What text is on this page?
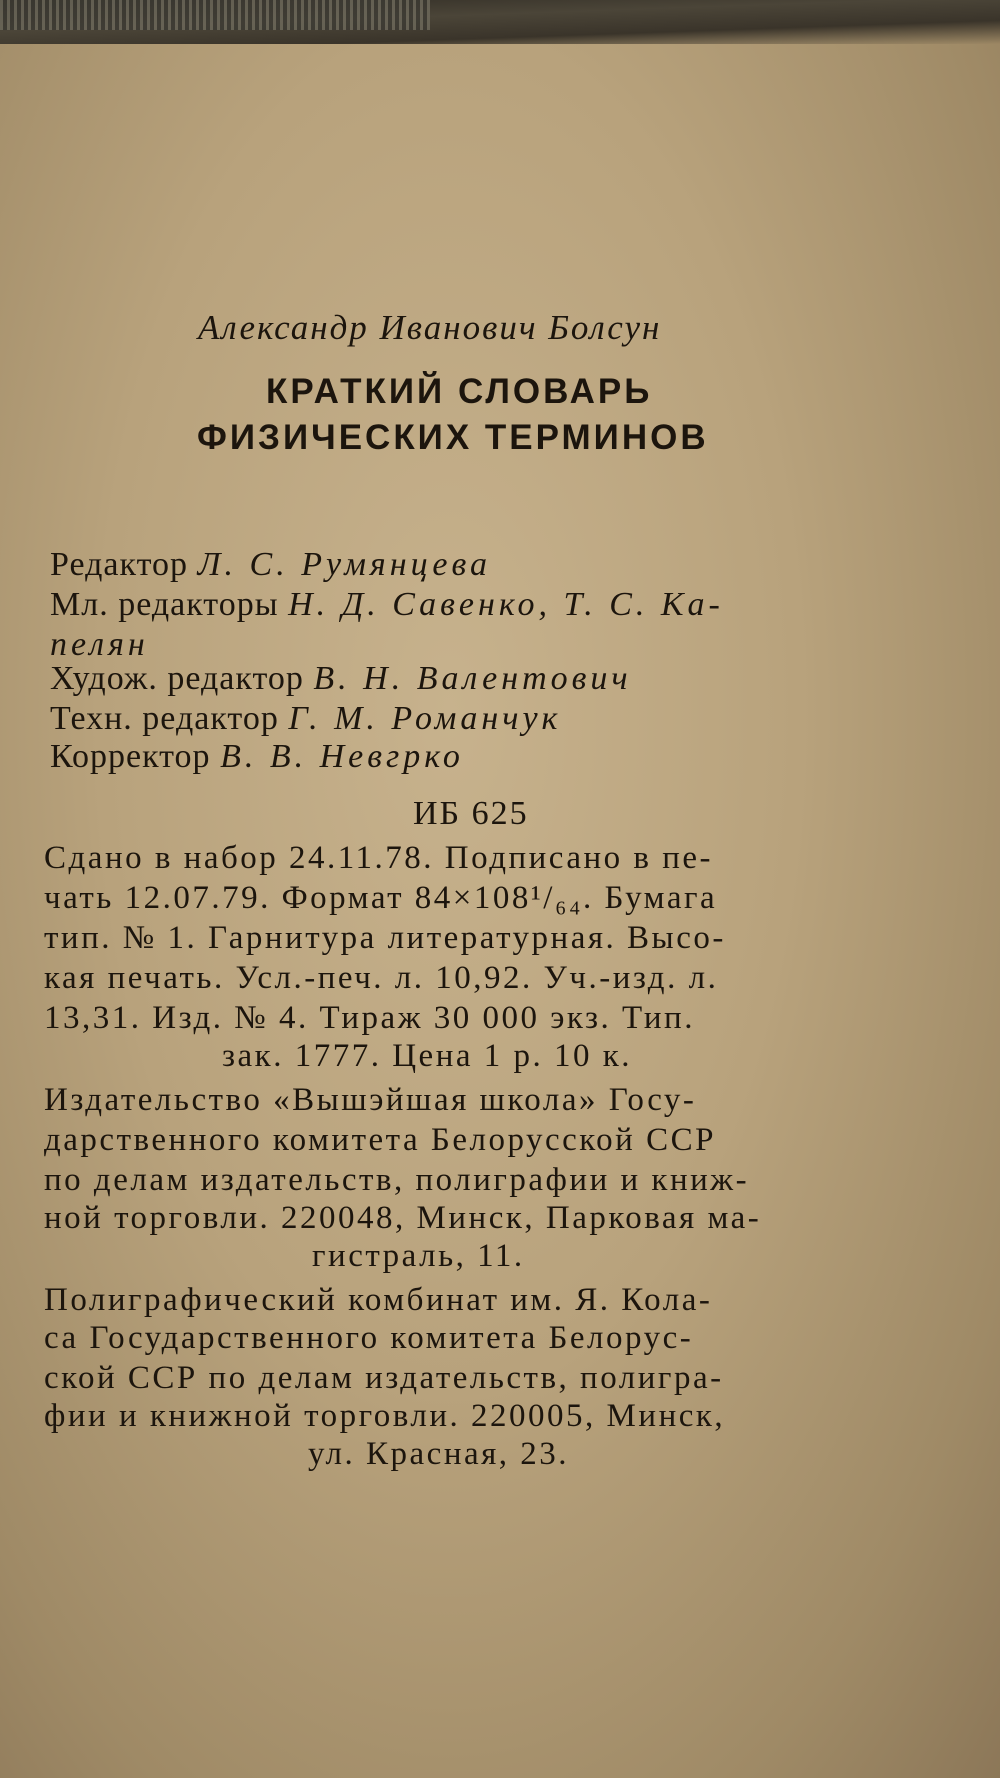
Александр Иванович Болсун
КРАТКИЙ СЛОВАРЬ
ФИЗИЧЕСКИХ ТЕРМИНОВ
Редактор Л. С. Румянцева
Мл. редакторы Н. Д. Савенко, Т. С. Ка-
пелян
Худож. редактор В. Н. Валентович
Техн. редактор Г. М. Романчук
Корректор В. В. Невгрко
ИБ 625
Сдано в набор 24.11.78. Подписано в пе-
чать 12.07.79. Формат 84×108¹/₆₄. Бумага
тип. № 1. Гарнитура литературная. Высо-
кая печать. Усл.-печ. л. 10,92. Уч.-изд. л.
13,31. Изд. № 4. Тираж 30 000 экз. Тип.
зак. 1777. Цена 1 р. 10 к.
Издательство «Вышэйшая школа» Госу-
дарственного комитета Белорусской ССР
по делам издательств, полиграфии и книж-
ной торговли. 220048, Минск, Парковая ма-
гистраль, 11.
Полиграфический комбинат им. Я. Кола-
са Государственного комитета Белорус-
ской ССР по делам издательств, полигра-
фии и книжной торговли. 220005, Минск,
ул. Красная, 23.
